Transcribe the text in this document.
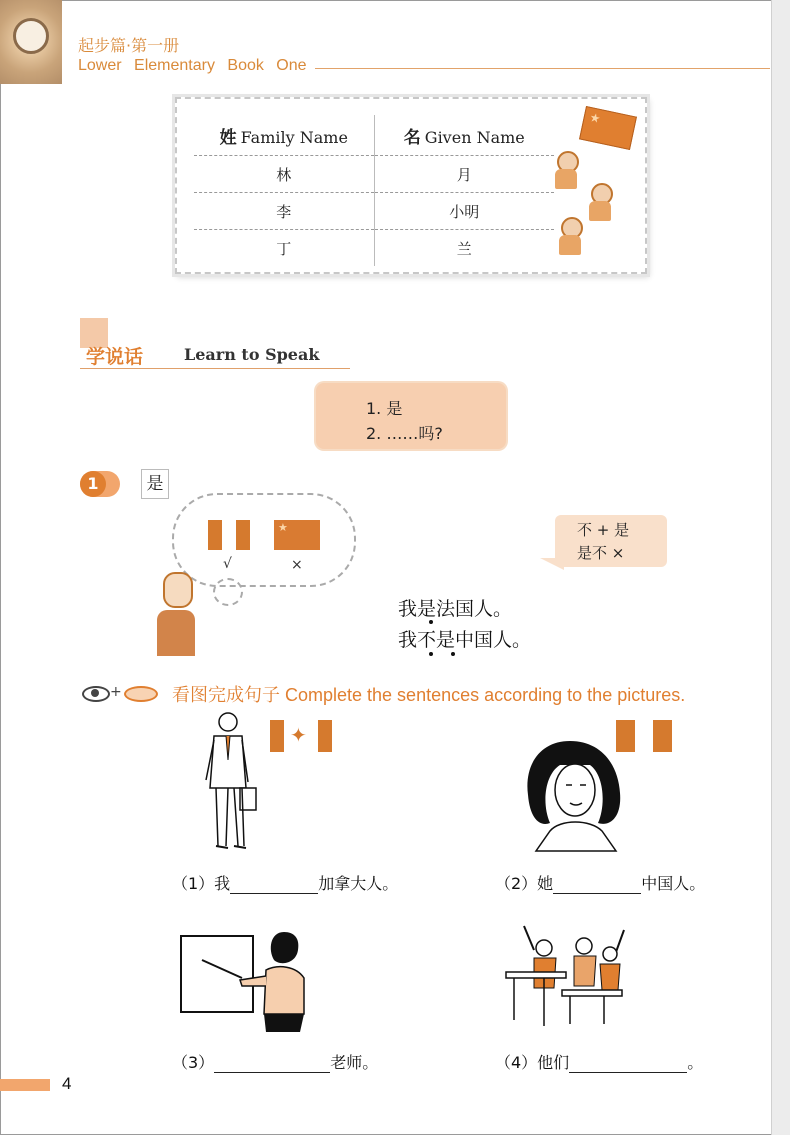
起步篇·第一册
Lower Elementary Book One
姓 Family Name	名 Given Name
林	月
李	小明
丁	兰
★
学说话	Learn to Speak
1. 是
2. ……吗?
1	是
★
√	×
不 + 是
是不 ×
我是法国人。
我不是中国人。
+	看图完成句子 Complete the sentences according to the pictures.
✦
（1）我	加拿大人。	（2）她	中国人。
（3）	老师。	（4）他们	。
4
